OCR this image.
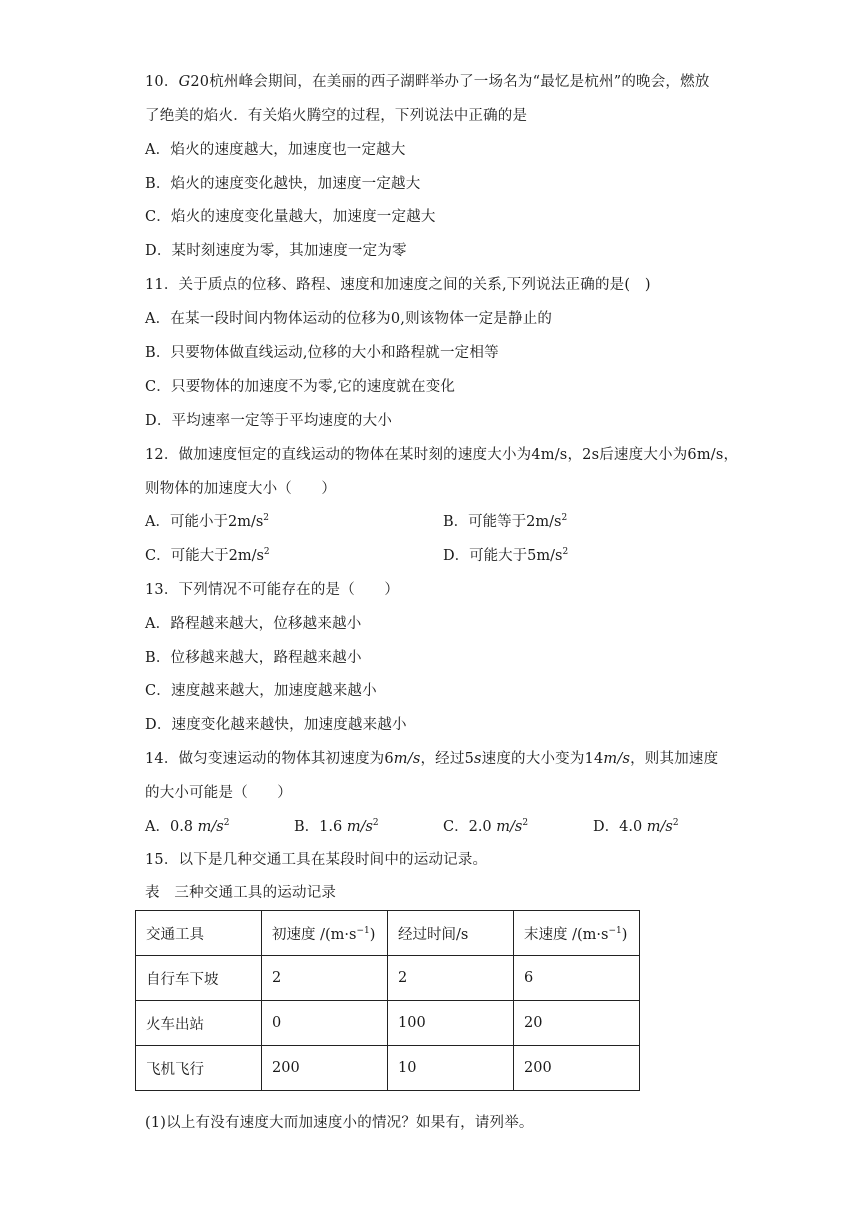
10．G20杭州峰会期间，在美丽的西子湖畔举办了一场名为“最忆是杭州”的晚会，燃放
了绝美的焰火．有关焰火腾空的过程，下列说法中正确的是
A．焰火的速度越大，加速度也一定越大
B．焰火的速度变化越快，加速度一定越大
C．焰火的速度变化量越大，加速度一定越大
D．某时刻速度为零，其加速度一定为零
11．关于质点的位移、路程、速度和加速度之间的关系,下列说法正确的是(　)
A．在某一段时间内物体运动的位移为0,则该物体一定是静止的
B．只要物体做直线运动,位移的大小和路程就一定相等
C．只要物体的加速度不为零,它的速度就在变化
D．平均速率一定等于平均速度的大小
12．做加速度恒定的直线运动的物体在某时刻的速度大小为4m/s，2s后速度大小为6m/s，
则物体的加速度大小（　　）
A．可能小于$2m/s^2$	B．可能等于$2m/s^2$
C．可能大于$2m/s^2$	D．可能大于$5m/s^2$
13．下列情况不可能存在的是（　　）
A．路程越来越大，位移越来越小
B．位移越来越大，路程越来越小
C．速度越来越大，加速度越来越小
D．速度变化越来越快，加速度越来越小
14．做匀变速运动的物体其初速度为6m/s，经过5s速度的大小变为14m/s，则其加速度
的大小可能是（　　）
A．0.8 $m/s^2$	B．1.6 $m/s^2$	C．2.0 $m/s^2$	D．4.0 $m/s^2$
15．以下是几种交通工具在某段时间中的运动记录。
表　三种交通工具的运动记录
交通工具	初速度 $/(m\cdot s^{-1})$	经过时间/s	末速度 $/(m\cdot s^{-1})$
自行车下坡	2	2	6
火车出站	0	100	20
飞机飞行	200	10	200
(1)以上有没有速度大而加速度小的情况？如果有，请列举。
